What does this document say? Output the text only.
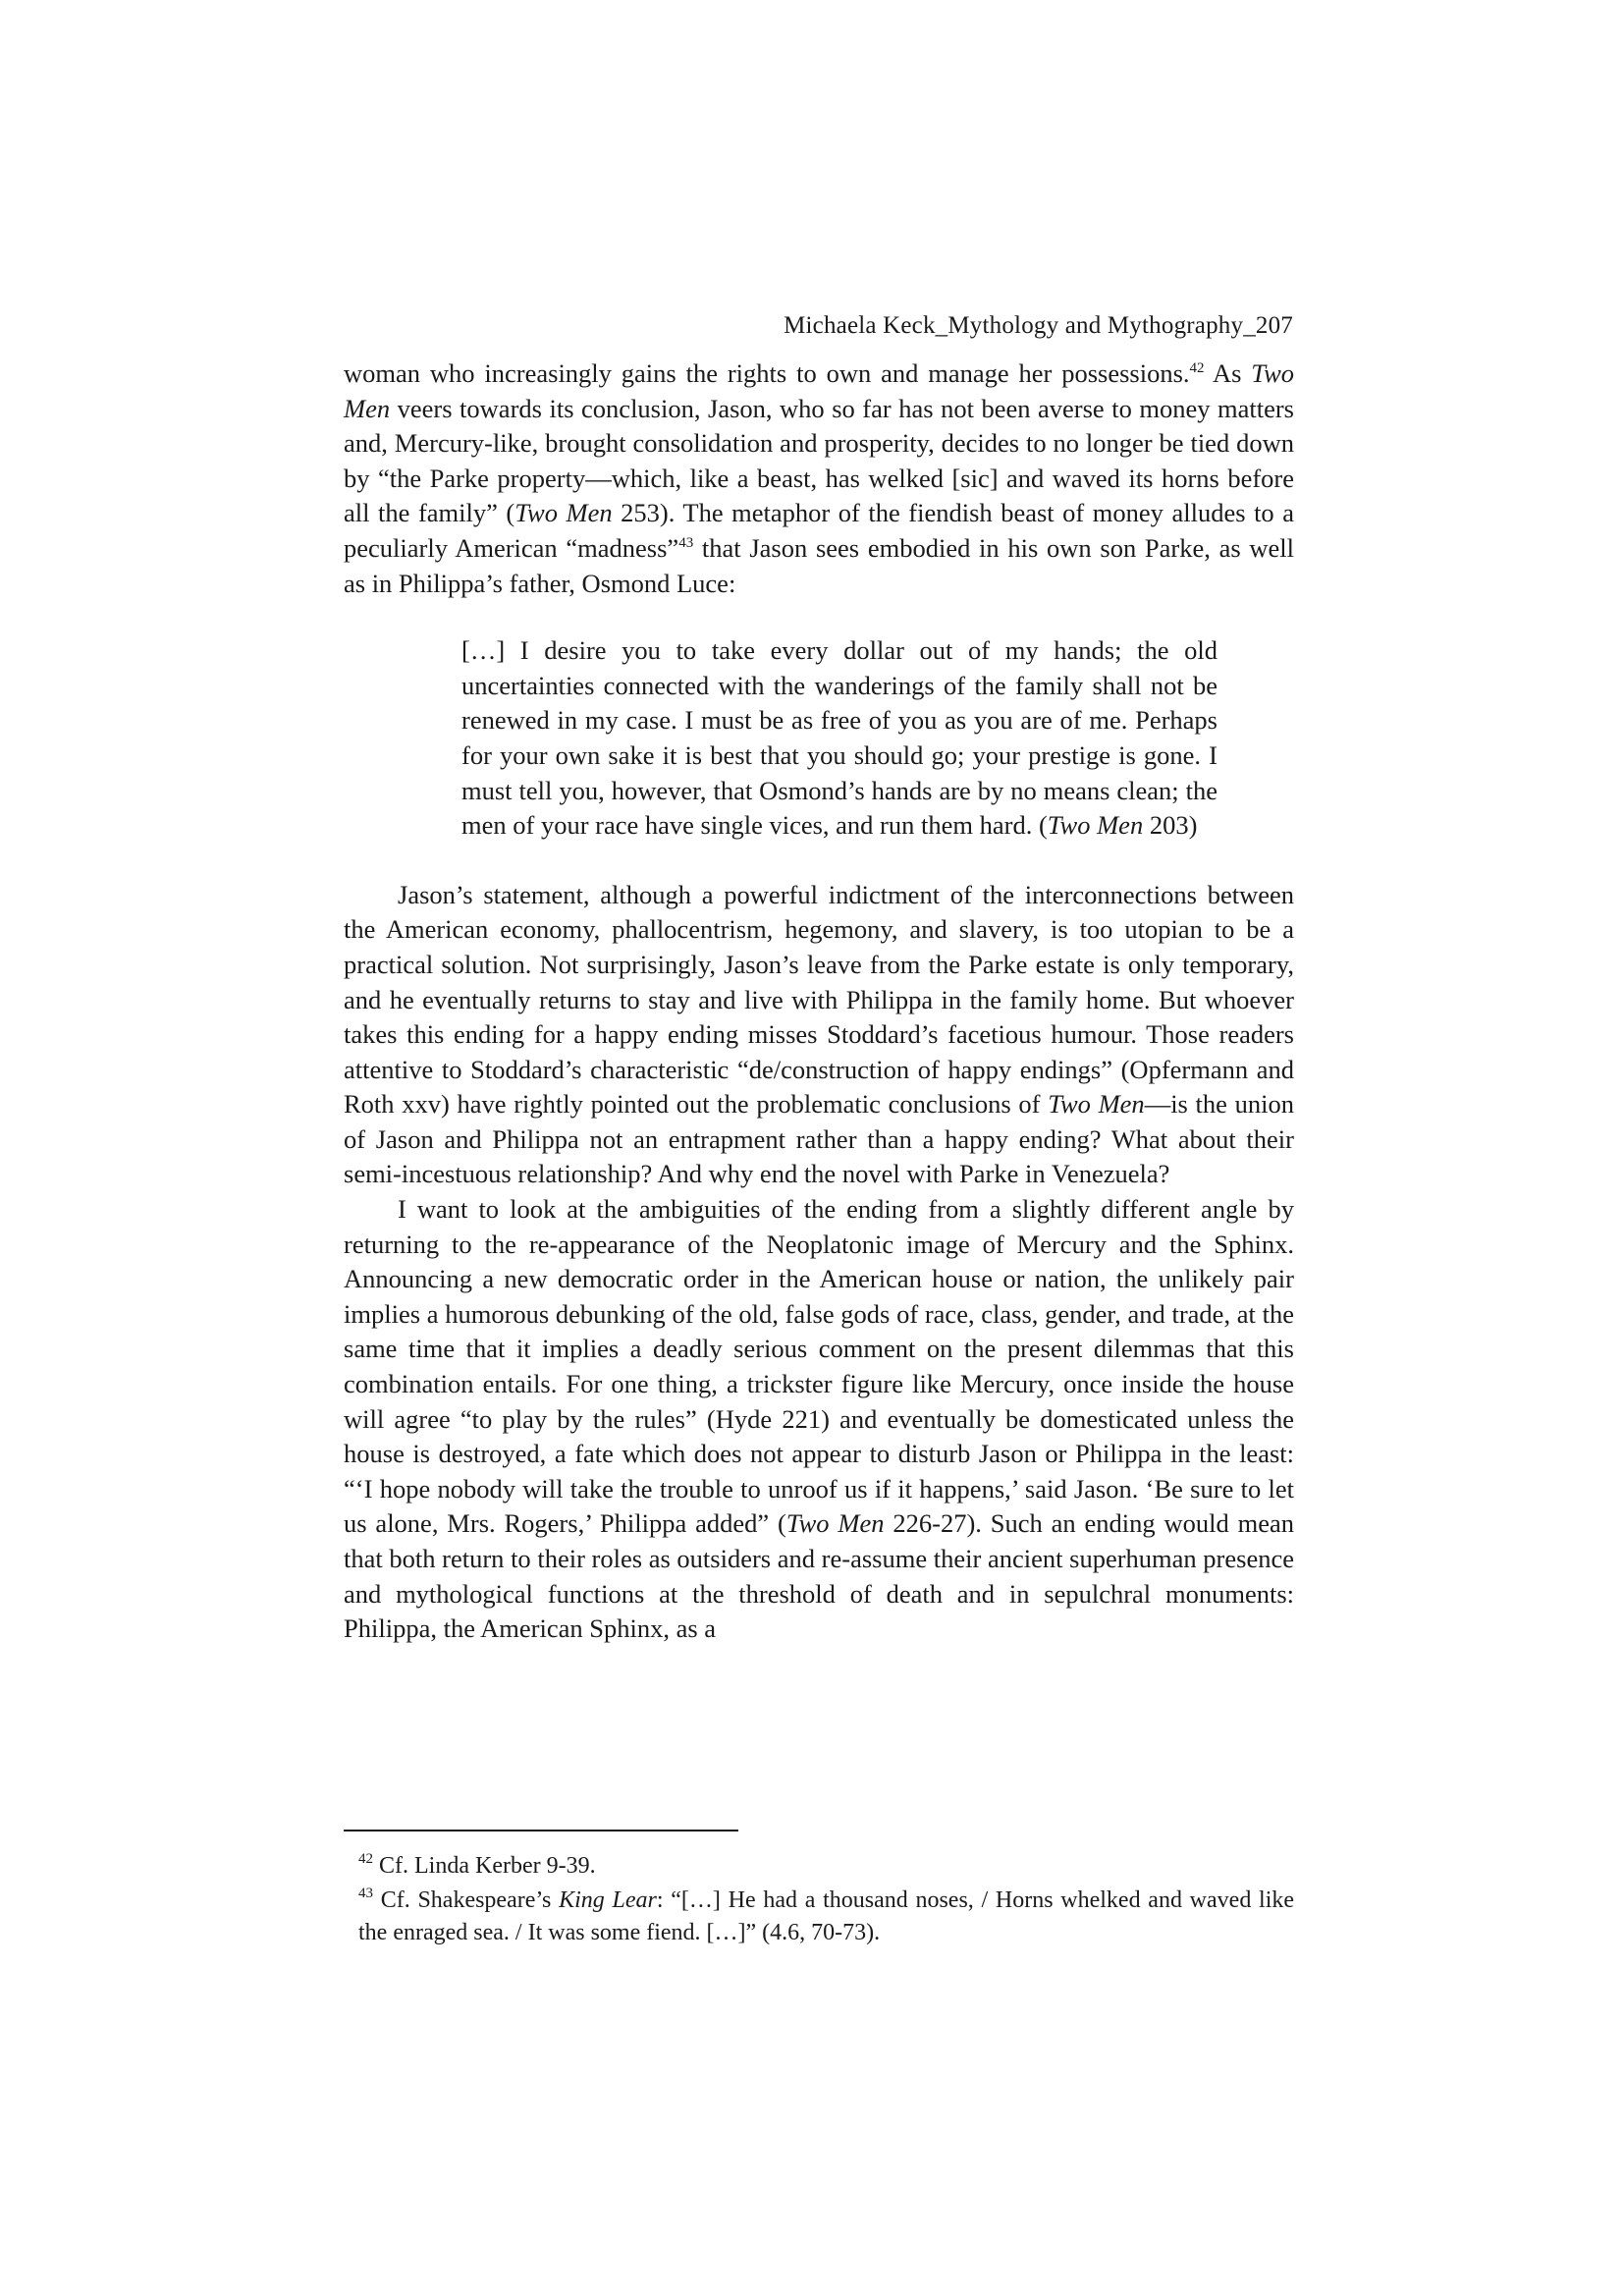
Michaela Keck_Mythology and Mythography_207

woman who increasingly gains the rights to own and manage her possessions.$^{42}$ As Two Men veers towards its conclusion, Jason, who so far has not been averse to money matters and, Mercury-like, brought consolidation and prosperity, decides to no longer be tied down by “the Parke property—which, like a beast, has welked [sic] and waved its horns before all the family” (Two Men 253). The metaphor of the fiendish beast of money alludes to a peculiarly American “madness”$^{43}$ that Jason sees embodied in his own son Parke, as well as in Philippa’s father, Osmond Luce:

[…] I desire you to take every dollar out of my hands; the old uncertainties connected with the wanderings of the family shall not be renewed in my case. I must be as free of you as you are of me. Perhaps for your own sake it is best that you should go; your prestige is gone. I must tell you, however, that Osmond’s hands are by no means clean; the men of your race have single vices, and run them hard. (Two Men 203)

Jason’s statement, although a powerful indictment of the interconnections between the American economy, phallocentrism, hegemony, and slavery, is too utopian to be a practical solution. Not surprisingly, Jason’s leave from the Parke estate is only temporary, and he eventually returns to stay and live with Philippa in the family home. But whoever takes this ending for a happy ending misses Stoddard’s facetious humour. Those readers attentive to Stoddard’s characteristic “de/construction of happy endings” (Opfermann and Roth xxv) have rightly pointed out the problematic conclusions of Two Men—is the union of Jason and Philippa not an entrapment rather than a happy ending? What about their semi-incestuous relationship? And why end the novel with Parke in Venezuela?

I want to look at the ambiguities of the ending from a slightly different angle by returning to the re-appearance of the Neoplatonic image of Mercury and the Sphinx. Announcing a new democratic order in the American house or nation, the unlikely pair implies a humorous debunking of the old, false gods of race, class, gender, and trade, at the same time that it implies a deadly serious comment on the present dilemmas that this combination entails. For one thing, a trickster figure like Mercury, once inside the house will agree “to play by the rules” (Hyde 221) and eventually be domesticated unless the house is destroyed, a fate which does not appear to disturb Jason or Philippa in the least: “‘I hope nobody will take the trouble to unroof us if it happens,’ said Jason. ‘Be sure to let us alone, Mrs. Rogers,’ Philippa added” (Two Men 226-27). Such an ending would mean that both return to their roles as outsiders and re-assume their ancient superhuman presence and mythological functions at the threshold of death and in sepulchral monuments: Philippa, the American Sphinx, as a

$^{42}$ Cf. Linda Kerber 9-39.

$^{43}$ Cf. Shakespeare’s King Lear: “[…] He had a thousand noses, / Horns whelked and waved like the enraged sea. / It was some fiend. […]” (4.6, 70-73).
